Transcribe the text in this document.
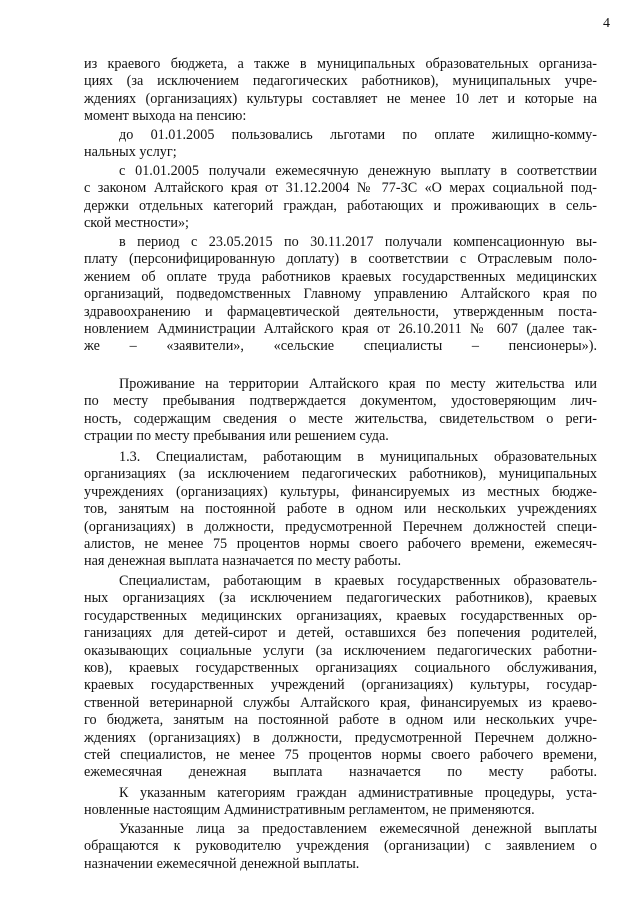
4
из краевого бюджета, а также в муниципальных образовательных организа-
циях (за исключением педагогических работников), муниципальных учре-
ждениях (организациях) культуры составляет не менее 10 лет и которые на
момент выхода на пенсию:
до 01.01.2005 пользовались льготами по оплате жилищно-комму-
нальных услуг;
с 01.01.2005 получали ежемесячную денежную выплату в соответствии
с законом Алтайского края от 31.12.2004 № 77-ЗС «О мерах социальной под-
держки отдельных категорий граждан, работающих и проживающих в сель-
ской местности»;
в период с 23.05.2015 по 30.11.2017 получали компенсационную вы-
плату (персонифицированную доплату) в соответствии с Отраслевым поло-
жением об оплате труда работников краевых государственных медицинских
организаций, подведомственных Главному управлению Алтайского края по
здравоохранению и фармацевтической деятельности, утвержденным поста-
новлением Администрации Алтайского края от 26.10.2011 № 607 (далее так-
же – «заявители», «сельские специалисты – пенсионеры»).
Проживание на территории Алтайского края по месту жительства или
по месту пребывания подтверждается документом, удостоверяющим лич-
ность, содержащим сведения о месте жительства, свидетельством о реги-
страции по месту пребывания или решением суда.
1.3. Специалистам, работающим в муниципальных образовательных
организациях (за исключением педагогических работников), муниципальных
учреждениях (организациях) культуры, финансируемых из местных бюдже-
тов, занятым на постоянной работе в одном или нескольких учреждениях
(организациях) в должности, предусмотренной Перечнем должностей специ-
алистов, не менее 75 процентов нормы своего рабочего времени, ежемесяч-
ная денежная выплата назначается по месту работы.
Специалистам, работающим в краевых государственных образователь-
ных организациях (за исключением педагогических работников), краевых
государственных медицинских организациях, краевых государственных ор-
ганизациях для детей-сирот и детей, оставшихся без попечения родителей,
оказывающих социальные услуги (за исключением педагогических работни-
ков), краевых государственных организациях социального обслуживания,
краевых государственных учреждений (организациях) культуры, государ-
ственной ветеринарной службы Алтайского края, финансируемых из краево-
го бюджета, занятым на постоянной работе в одном или нескольких учре-
ждениях (организациях) в должности, предусмотренной Перечнем должно-
стей специалистов, не менее 75 процентов нормы своего рабочего времени,
ежемесячная денежная выплата назначается по месту работы.
К указанным категориям граждан административные процедуры, уста-
новленные настоящим Административным регламентом, не применяются.
Указанные лица за предоставлением ежемесячной денежной выплаты
обращаются к руководителю учреждения (организации) с заявлением о
назначении ежемесячной денежной выплаты.
